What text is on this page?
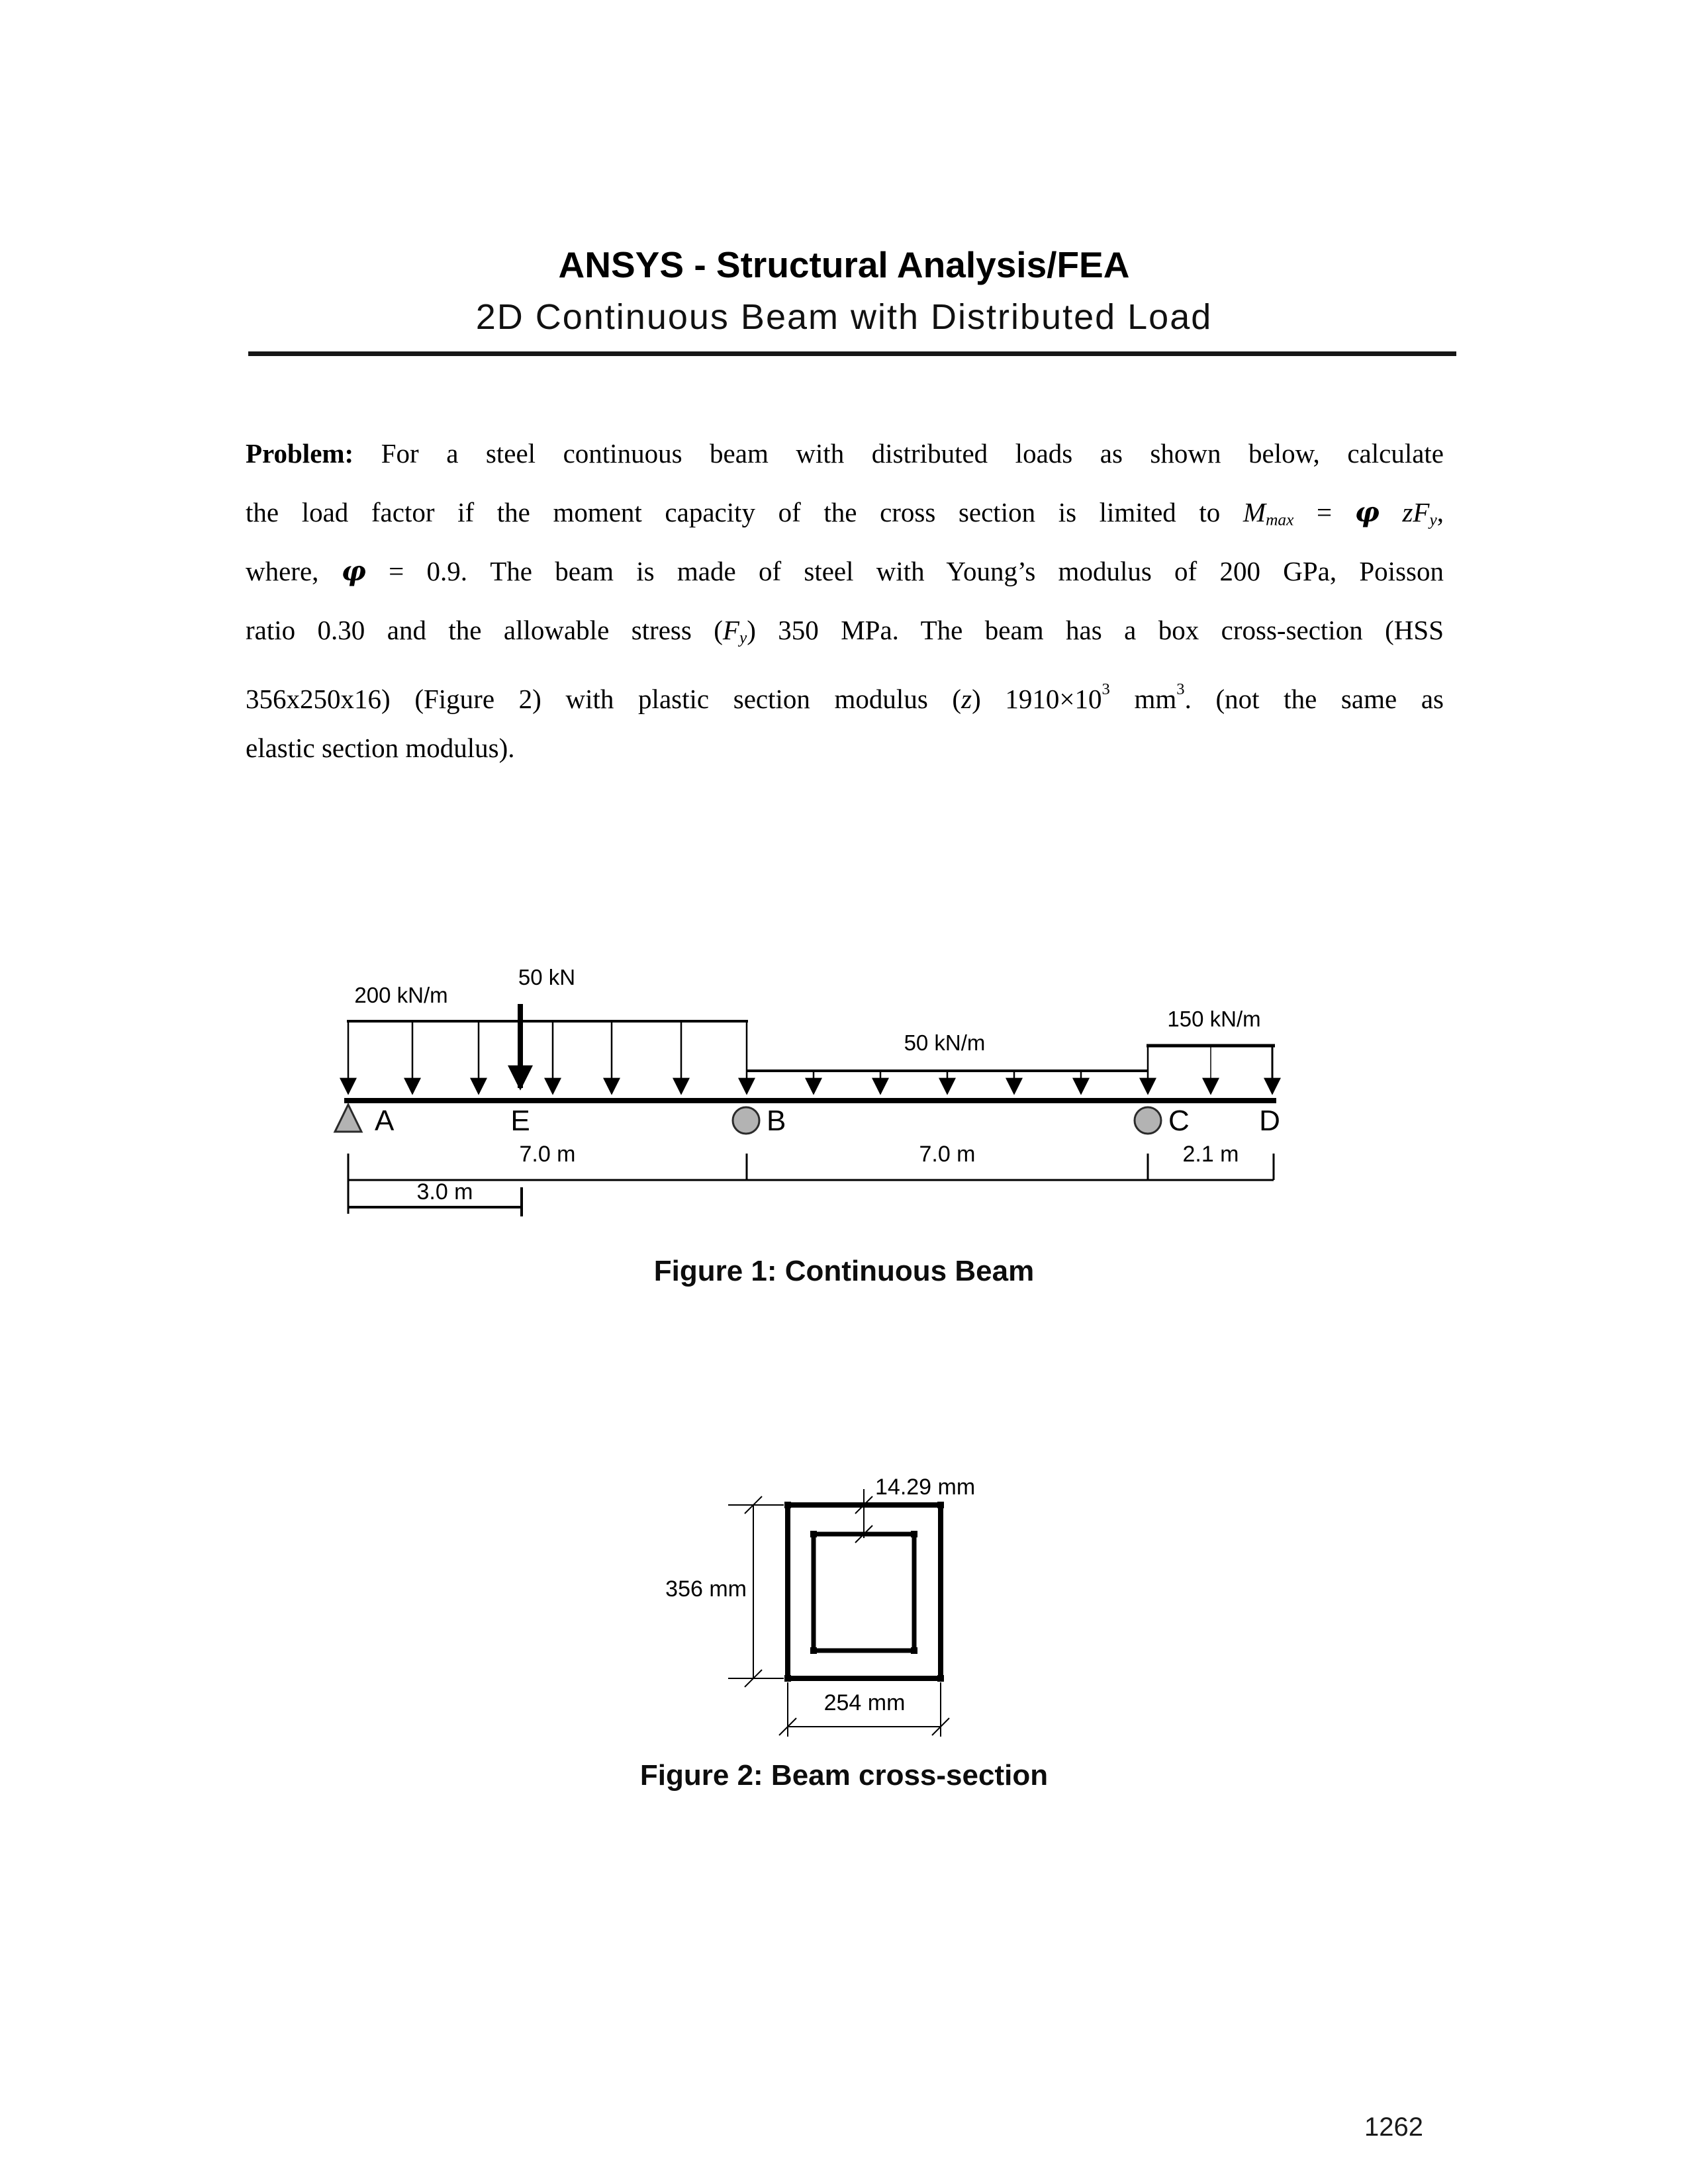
ANSYS - Structural Analysis/FEA
2D Continuous Beam with Distributed Load
Problem: For a steel continuous beam with distributed loads as shown below, calculate
the load factor if the moment capacity of the cross section is limited to Mmax = φ zFy,
where, φ = 0.9. The beam is made of steel with Young’s modulus of 200 GPa, Poisson
ratio 0.30 and the allowable stress (Fy) 350 MPa. The beam has a box cross-section (HSS
356x250x16) (Figure 2) with plastic section modulus (z) $1910\times 10^3$ $mm^3$. (not the same as
elastic section modulus).
200 kN/m
50 kN
50 kN/m
150 kN/m
A	E	B	C D
7.0 m	7.0 m	2.1 m
3.0 m
Figure 1: Continuous Beam
14.29 mm
356 mm
254 mm
Figure 2: Beam cross-section
1262
